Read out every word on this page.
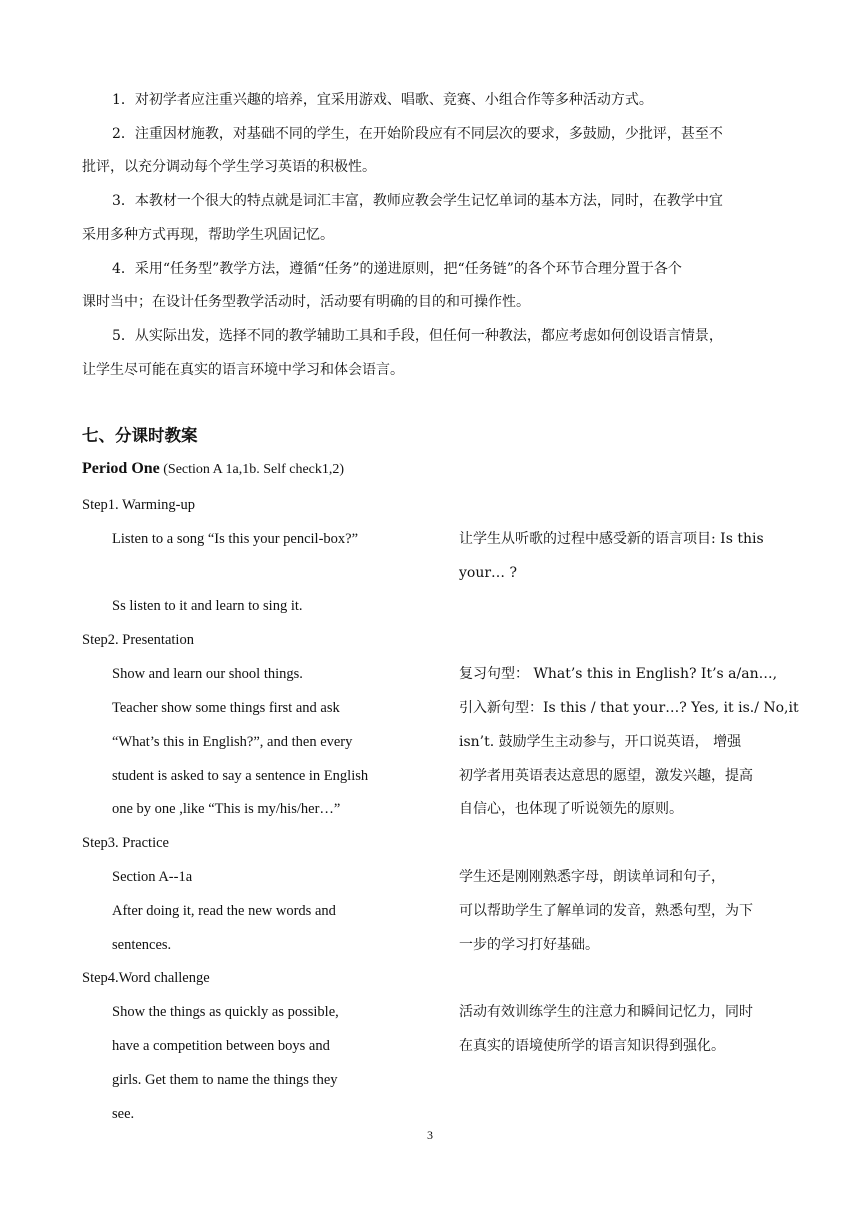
1．对初学者应注重兴趣的培养，宜采用游戏、唱歌、竞赛、小组合作等多种活动方式。
2．注重因材施教，对基础不同的学生，在开始阶段应有不同层次的要求，多鼓励，少批评，甚至不
批评，以充分调动每个学生学习英语的积极性。
3．本教材一个很大的特点就是词汇丰富，教师应教会学生记忆单词的基本方法，同时，在教学中宜
采用多种方式再现，帮助学生巩固记忆。
4．采用“任务型”教学方法，遵循“任务”的递进原则，把“任务链”的各个环节合理分置于各个
课时当中；在设计任务型教学活动时，活动要有明确的目的和可操作性。
5．从实际出发，选择不同的教学辅助工具和手段，但任何一种教法，都应考虑如何创设语言情景，
让学生尽可能在真实的语言环境中学习和体会语言。
七、分课时教案
Period One (Section A 1a,1b. Self check1,2)
Step1. Warming-up
Listen to a song “Is this your pencil-box?”
Ss listen to it and learn to sing it.
让学生从听歌的过程中感受新的语言项目: Is this
your… ?
Step2. Presentation
Show and learn our shool things.
Teacher show some things first and ask
“What’s this in English?”, and then every
student is asked to say a sentence in English
one by one ,like “This is my/his/her…”
复习句型： What’s this in English? It’s a/an…,
引入新句型：Is this / that your…? Yes, it is./ No,it
isn’t. 鼓励学生主动参与，开口说英语， 增强
初学者用英语表达意思的愿望，激发兴趣，提高
自信心，也体现了听说领先的原则。
Step3. Practice
Section A--1a
After doing it, read the new words and
sentences.
学生还是刚刚熟悉字母，朗读单词和句子，
可以帮助学生了解单词的发音，熟悉句型，为下
一步的学习打好基础。
Step4.Word challenge
Show the things as quickly as possible,
have a competition between boys and
girls. Get them to name the things they
see.
活动有效训练学生的注意力和瞬间记忆力，同时
在真实的语境使所学的语言知识得到强化。
3
